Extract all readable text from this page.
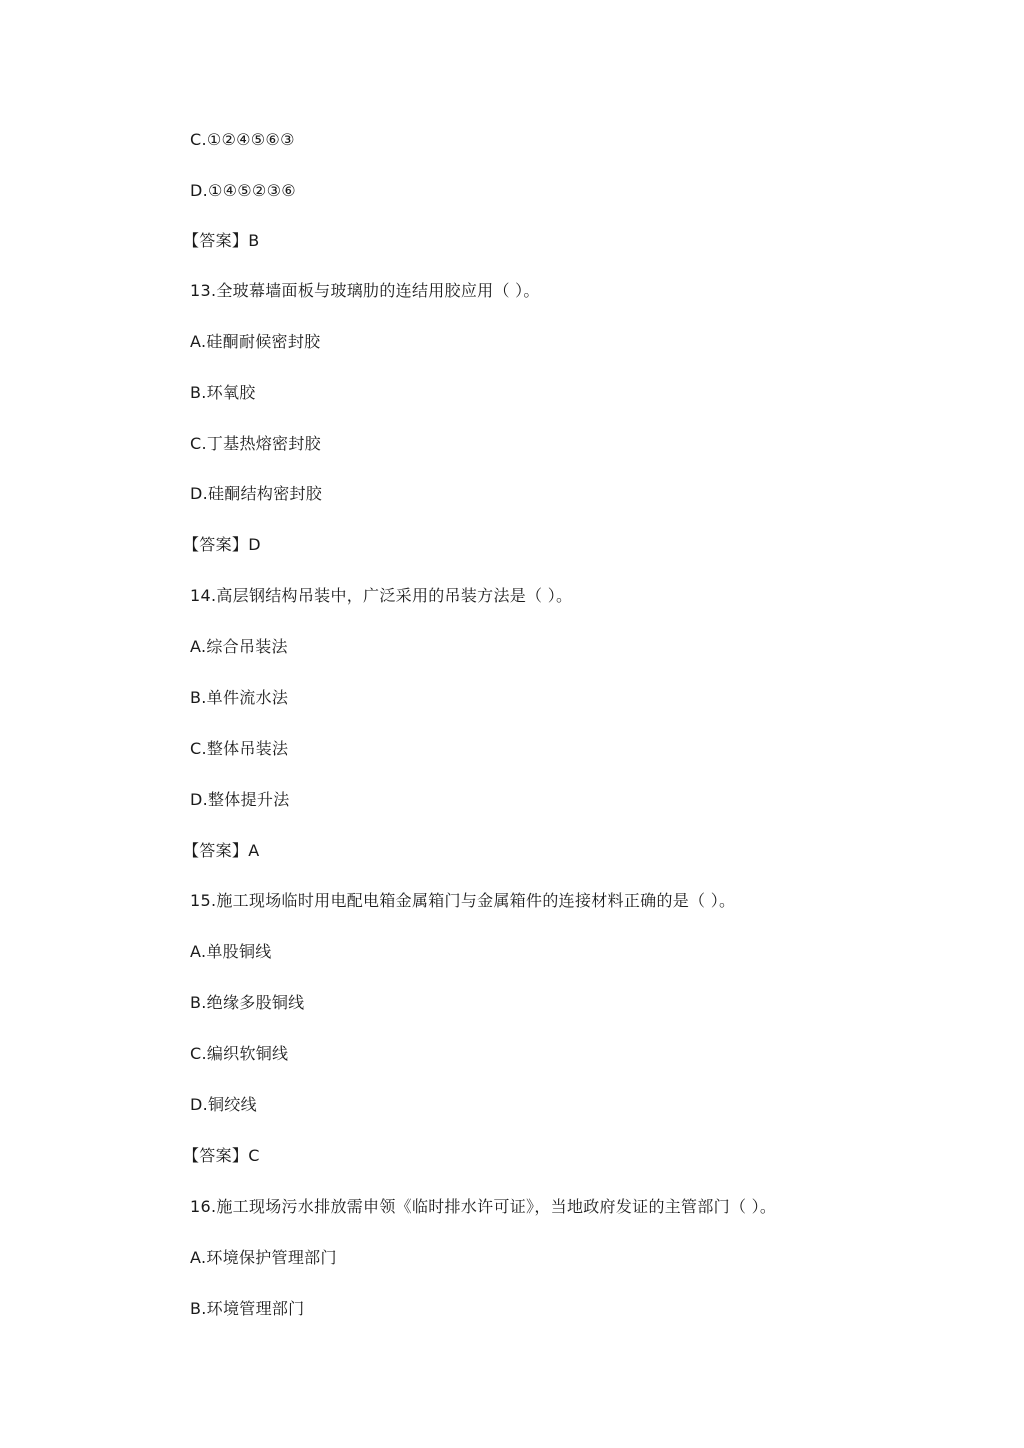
C.①②④⑤⑥③
D.①④⑤②③⑥
【答案】B
13.全玻幕墙面板与玻璃肋的连结用胶应用（ ）。
A.硅酮耐候密封胶
B.环氧胶
C.丁基热熔密封胶
D.硅酮结构密封胶
【答案】D
14.高层钢结构吊装中，广泛采用的吊装方法是（ ）。
A.综合吊装法
B.单件流水法
C.整体吊装法
D.整体提升法
【答案】A
15.施工现场临时用电配电箱金属箱门与金属箱件的连接材料正确的是（ ）。
A.单股铜线
B.绝缘多股铜线
C.编织软铜线
D.铜绞线
【答案】C
16.施工现场污水排放需申领《临时排水许可证》，当地政府发证的主管部门（ ）。
A.环境保护管理部门
B.环境管理部门
